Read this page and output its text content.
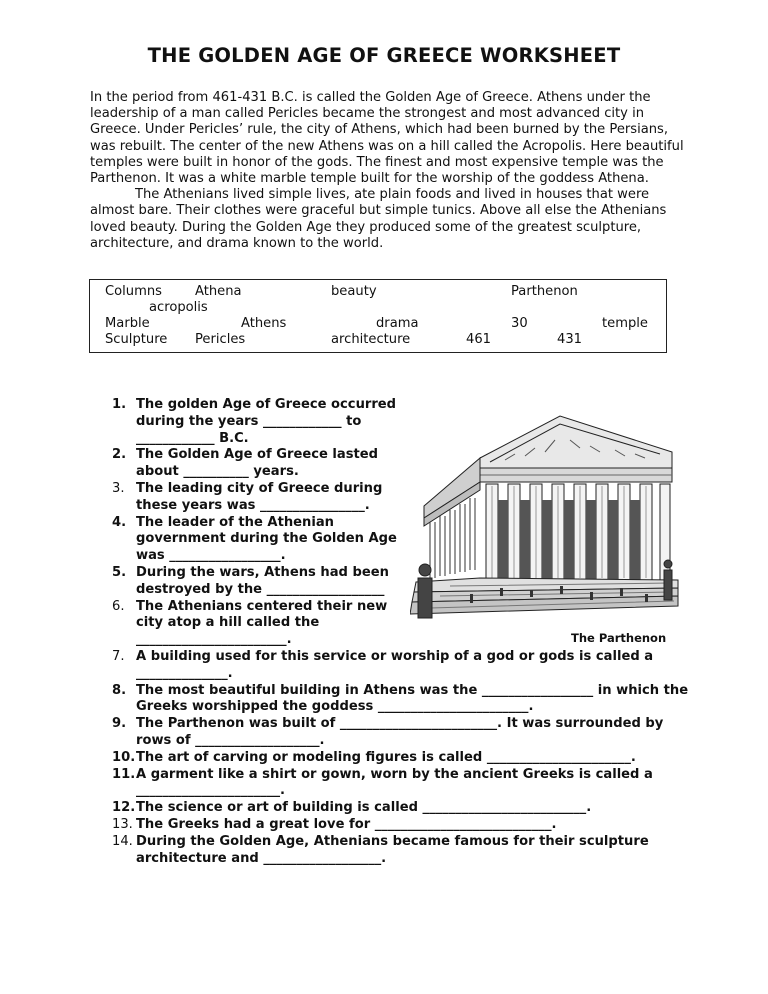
THE GOLDEN AGE OF GREECE WORKSHEET

In the period from 461-431 B.C. is called the Golden Age of Greece. Athens under the leadership of a man called Pericles became the strongest and most advanced city in Greece. Under Pericles’ rule, the city of Athens, which had been burned by the Persians, was rebuilt. The center of the new Athens was on a hill called the Acropolis. Here beautiful temples were built in honor of the gods. The finest and most expensive temple was the Parthenon. It was a white marble temple built for the worship of the goddess Athena.

The Athenians lived simple lives, ate plain foods and lived in houses that were almost bare. Their clothes were graceful but simple tunics. Above all else the Athenians loved beauty. During the Golden Age they produced some of the greatest sculpture, architecture, and drama known to the world.

Columns	Athena	beauty	Parthenon
acropolis
Marble	Athens	drama	30	temple
Sculpture Pericles	architecture	461	431
1. The golden Age of Greece occurred during the years ____________ to ____________ B.C.
2. The Golden Age of Greece lasted about __________ years.
3. The leading city of Greece during these years was ________________.
4. The leader of the Athenian government during the Golden Age was _________________.
5. During the wars, Athens had been destroyed by the __________________
6. The Athenians centered their new city atop a hill called the _______________________.
7. A building used for this service or worship of a god or gods is called a ______________.
8. The most beautiful building in Athens was the _________________ in which the Greeks worshipped the goddess _______________________.
9. The Parthenon was built of ________________________. It was surrounded by rows of ___________________.
10. The art of carving or modeling figures is called ______________________.
11. A garment like a shirt or gown, worn by the ancient Greeks is called a ______________________.
12. The science or art of building is called _________________________.
13. The Greeks had a great love for ___________________________.
14. During the Golden Age, Athenians became famous for their sculpture architecture and __________________.
The Parthenon
